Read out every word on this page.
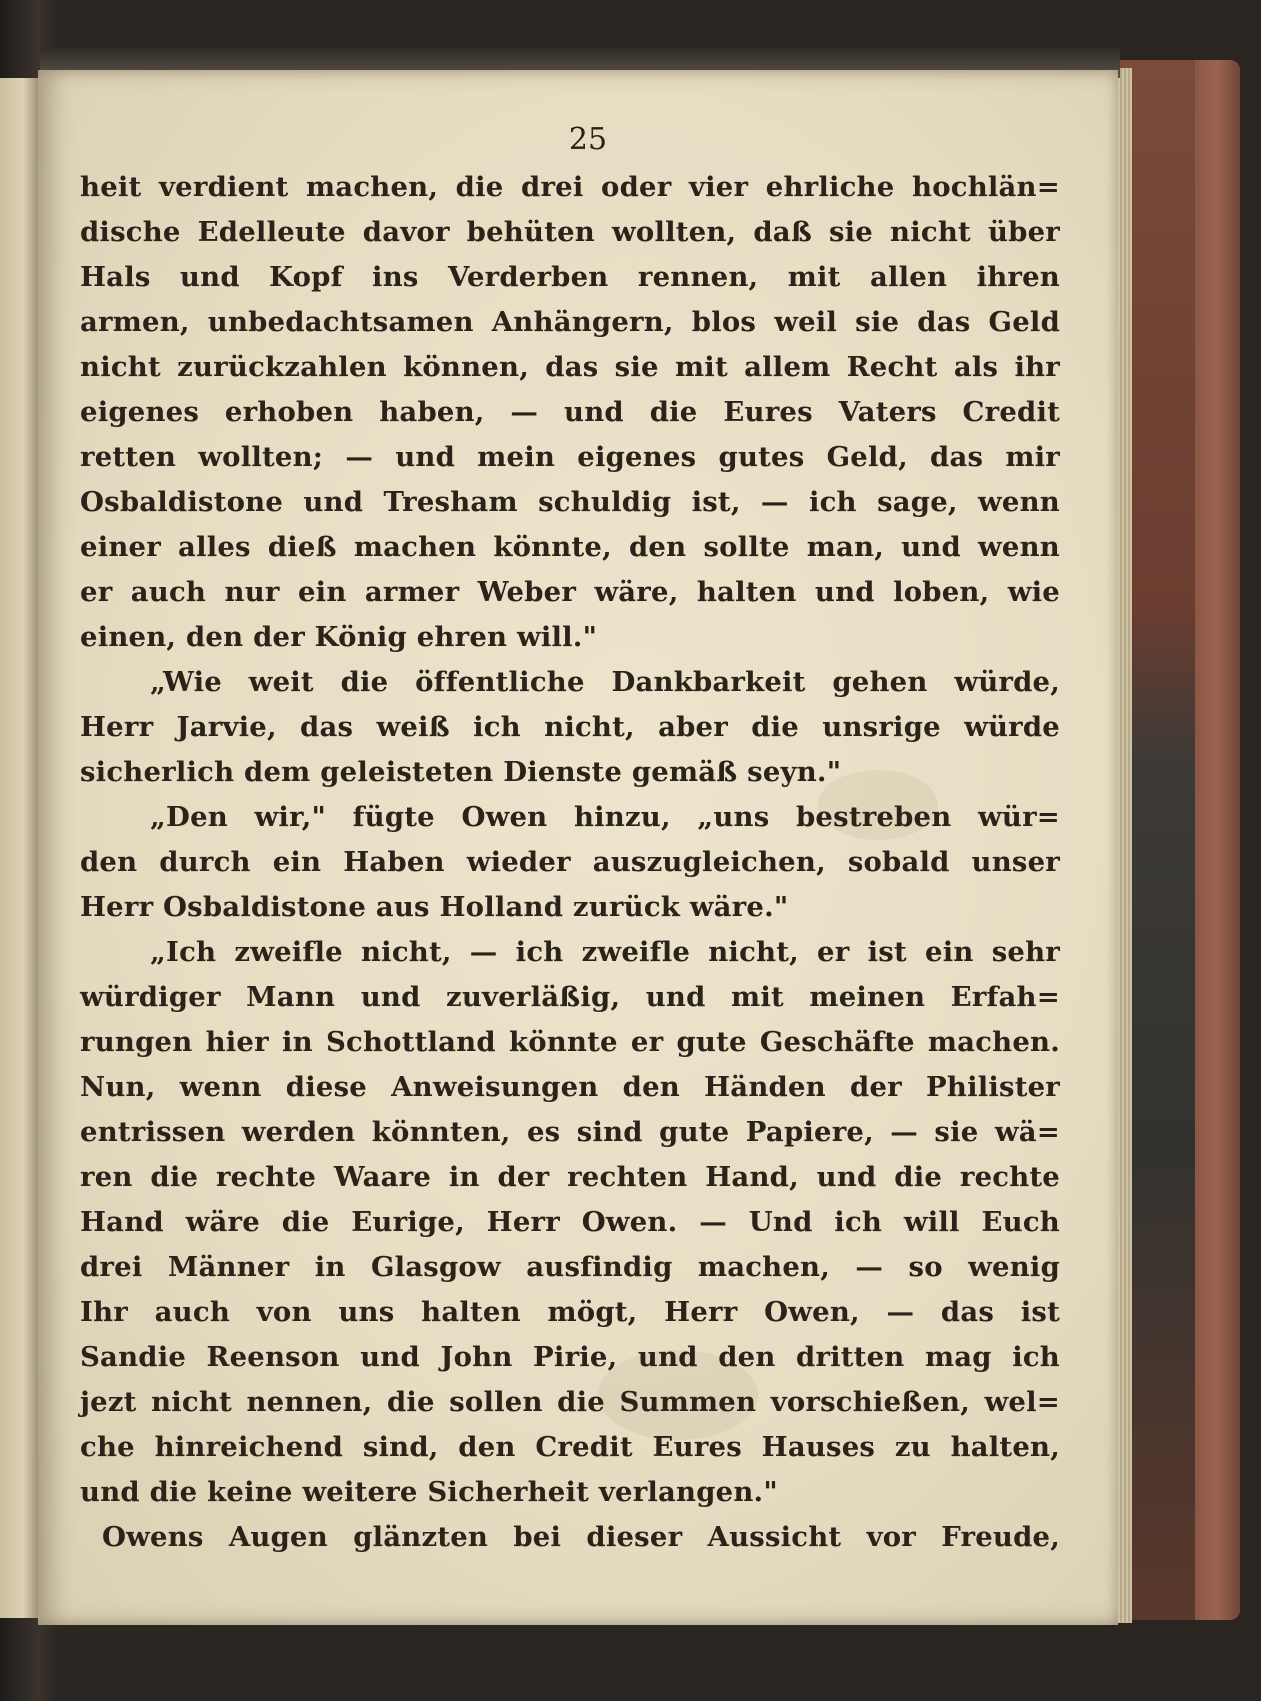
25
heit verdient machen, die drei oder vier ehrliche hochlän=
dische Edelleute davor behüten wollten, daß sie nicht über
Hals und Kopf ins Verderben rennen, mit allen ihren
armen, unbedachtsamen Anhängern, blos weil sie das Geld
nicht zurückzahlen können, das sie mit allem Recht als ihr
eigenes erhoben haben, — und die Eures Vaters Credit
retten wollten; — und mein eigenes gutes Geld, das mir
Osbaldistone und Tresham schuldig ist, — ich sage, wenn
einer alles dieß machen könnte, den sollte man, und wenn
er auch nur ein armer Weber wäre, halten und loben, wie
einen, den der König ehren will."
„Wie weit die öffentliche Dankbarkeit gehen würde,
Herr Jarvie, das weiß ich nicht, aber die unsrige würde
sicherlich dem geleisteten Dienste gemäß seyn."
„Den wir," fügte Owen hinzu, „uns bestreben wür=
den durch ein Haben wieder auszugleichen, sobald unser
Herr Osbaldistone aus Holland zurück wäre."
„Ich zweifle nicht, — ich zweifle nicht, er ist ein sehr
würdiger Mann und zuverläßig, und mit meinen Erfah=
rungen hier in Schottland könnte er gute Geschäfte machen.
Nun, wenn diese Anweisungen den Händen der Philister
entrissen werden könnten, es sind gute Papiere, — sie wä=
ren die rechte Waare in der rechten Hand, und die rechte
Hand wäre die Eurige, Herr Owen. — Und ich will Euch
drei Männer in Glasgow ausfindig machen, — so wenig
Ihr auch von uns halten mögt, Herr Owen, — das ist
Sandie Reenson und John Pirie, und den dritten mag ich
jezt nicht nennen, die sollen die Summen vorschießen, wel=
che hinreichend sind, den Credit Eures Hauses zu halten,
und die keine weitere Sicherheit verlangen."
Owens Augen glänzten bei dieser Aussicht vor Freude,
